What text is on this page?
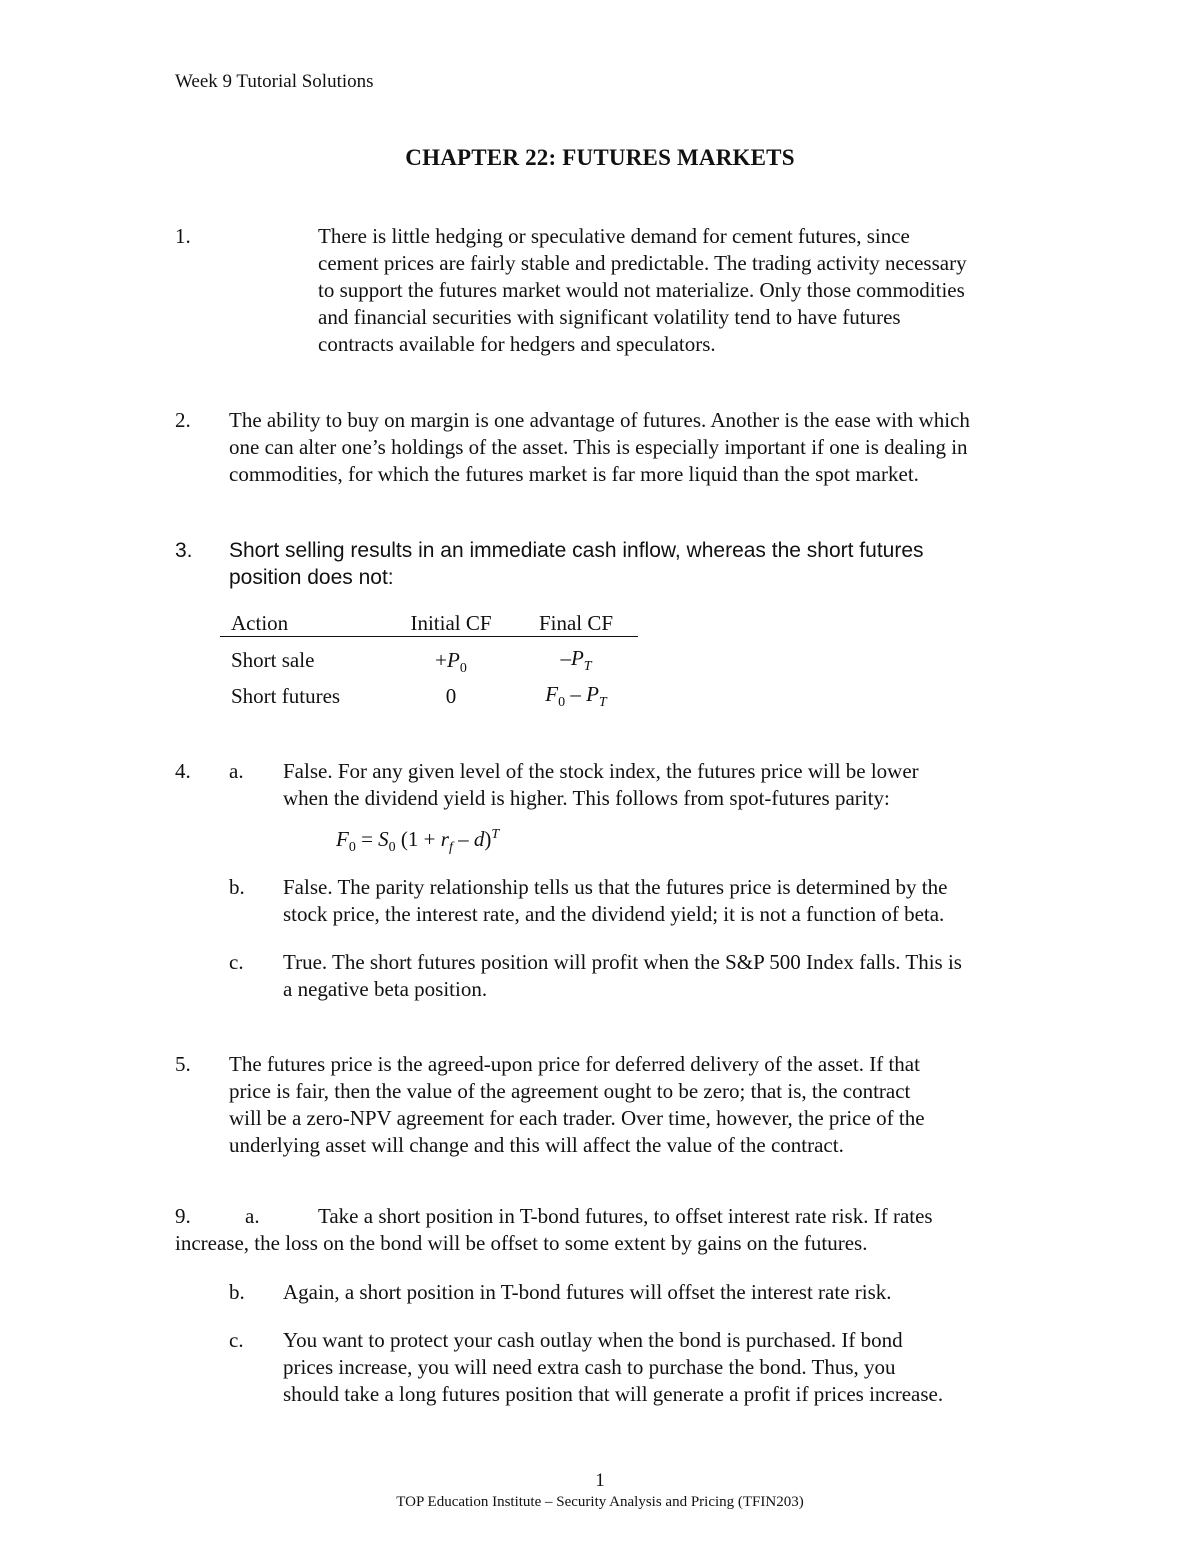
Week 9 Tutorial Solutions
CHAPTER 22: FUTURES MARKETS
1.	There is little hedging or speculative demand for cement futures, since
cement prices are fairly stable and predictable. The trading activity necessary
to support the futures market would not materialize. Only those commodities
and financial securities with significant volatility tend to have futures
contracts available for hedgers and speculators.
2. The ability to buy on margin is one advantage of futures. Another is the ease with which
one can alter one’s holdings of the asset. This is especially important if one is dealing in
commodities, for which the futures market is far more liquid than the spot market.
3. Short selling results in an immediate cash inflow, whereas the short futures
position does not:
Action	Initial CF	Final CF
Short sale	$+P_0$	$-P_T$
Short futures	0	$F_0 - P_T$
4. a. False. For any given level of the stock index, the futures price will be lower
when the dividend yield is higher. This follows from spot-futures parity:
$F_0 = S_0$ $(1 + r_f - d)^T$
b. False. The parity relationship tells us that the futures price is determined by the
stock price, the interest rate, and the dividend yield; it is not a function of beta.
c. True. The short futures position will profit when the S&P 500 Index falls. This is
a negative beta position.
5. The futures price is the agreed-upon price for deferred delivery of the asset. If that
price is fair, then the value of the agreement ought to be zero; that is, the contract
will be a zero-NPV agreement for each trader. Over time, however, the price of the
underlying asset will change and this will affect the value of the contract.
9.	a.	Take a short position in T-bond futures, to offset interest rate risk. If rates
increase, the loss on the bond will be offset to some extent by gains on the futures.
b. Again, a short position in T-bond futures will offset the interest rate risk.
c. You want to protect your cash outlay when the bond is purchased. If bond
prices increase, you will need extra cash to purchase the bond. Thus, you
should take a long futures position that will generate a profit if prices increase.
1
TOP Education Institute – Security Analysis and Pricing (TFIN203)
